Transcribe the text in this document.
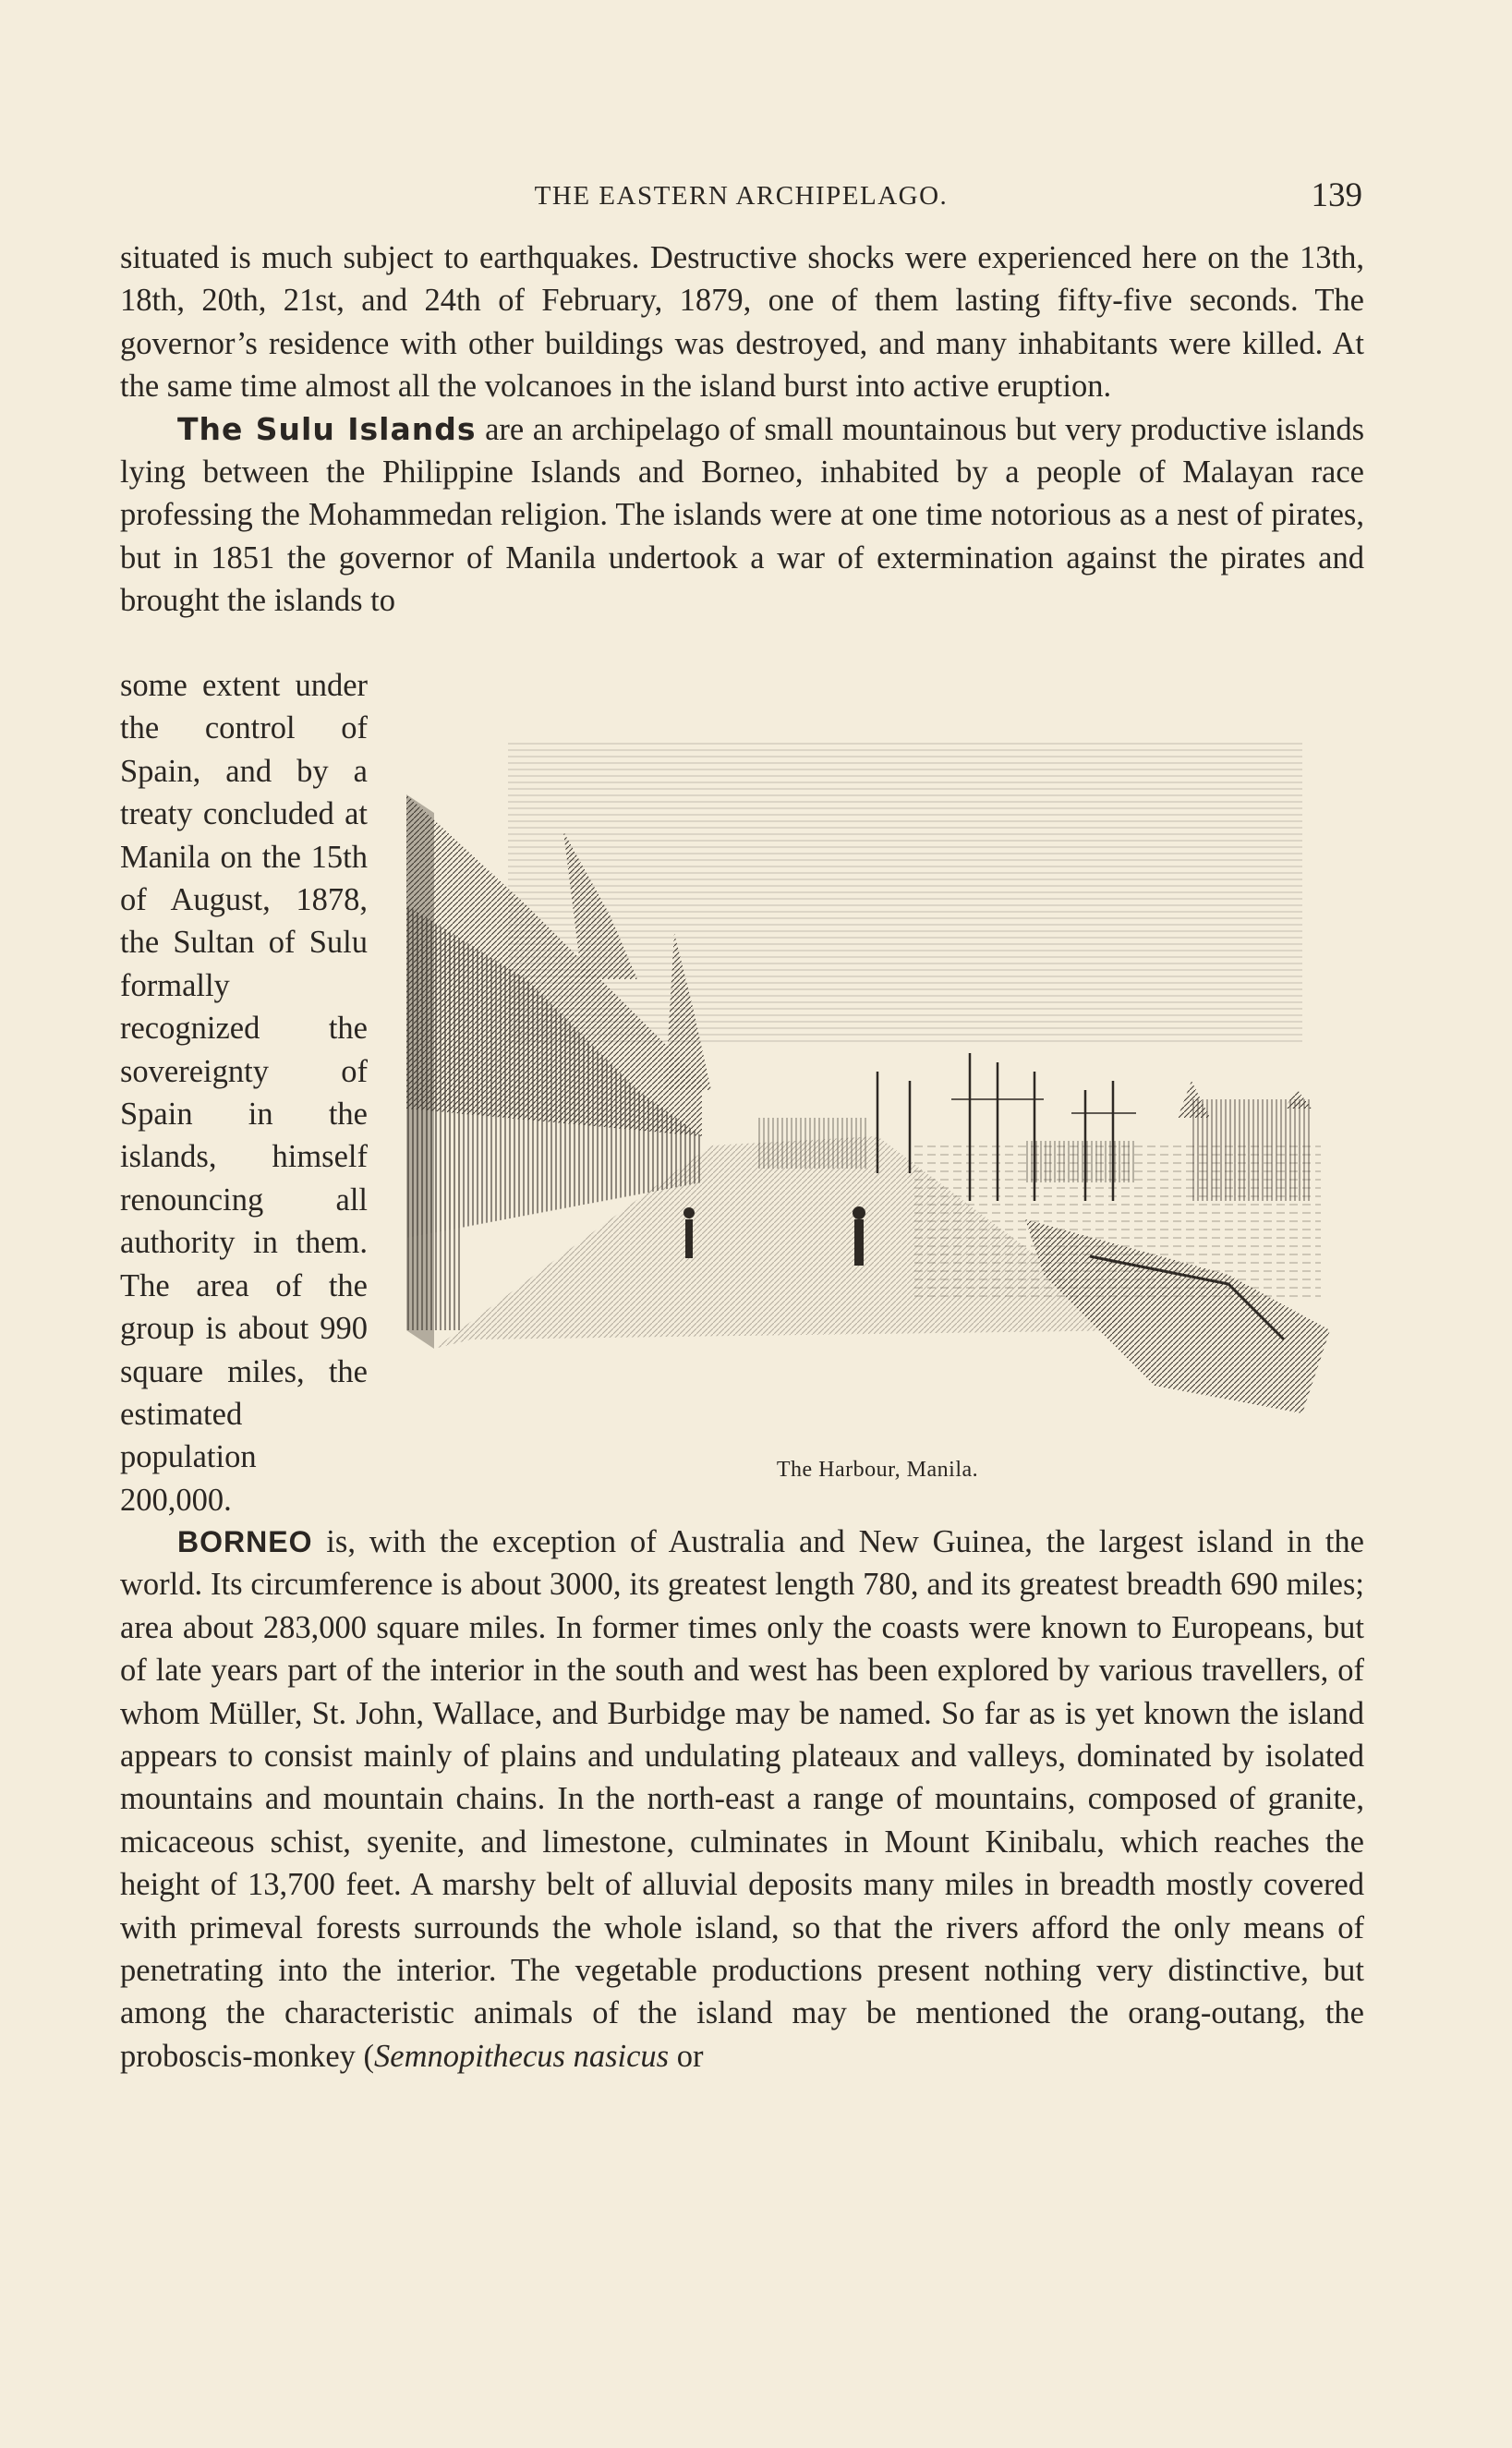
THE EASTERN ARCHIPELAGO.	139

situated is much subject to earthquakes. Destructive shocks were experienced here on the 13th, 18th, 20th, 21st, and 24th of February, 1879, one of them lasting fifty-five seconds. The governor’s residence with other buildings was destroyed, and many inhabitants were killed. At the same time almost all the volcanoes in the island burst into active eruption.

The Sulu Islands are an archipelago of small mountainous but very productive islands lying between the Philippine Islands and Borneo, inhabited by a people of Malayan race professing the Mohammedan religion. The islands were at one time notorious as a nest of pirates, but in 1851 the governor of Manila undertook a war of extermination against the pirates and brought the islands to

some extent under the control of Spain, and by a treaty concluded at Manila on the 15th of August, 1878, the Sultan of Sulu formally recognized the sovereignty of Spain in the islands, himself renouncing all authority in them. The area of the group is about 990 square miles, the estimated population 200,000.

The Harbour, Manila.

BORNEO is, with the exception of Australia and New Guinea, the largest island in the world. Its circumference is about 3000, its greatest length 780, and its greatest breadth 690 miles; area about 283,000 square miles. In former times only the coasts were known to Europeans, but of late years part of the interior in the south and west has been explored by various travellers, of whom Müller, St. John, Wallace, and Burbidge may be named. So far as is yet known the island appears to consist mainly of plains and undulating plateaux and valleys, dominated by isolated mountains and mountain chains. In the north-east a range of mountains, composed of granite, micaceous schist, syenite, and limestone, culminates in Mount Kinibalu, which reaches the height of 13,700 feet. A marshy belt of alluvial deposits many miles in breadth mostly covered with primeval forests surrounds the whole island, so that the rivers afford the only means of penetrating into the interior. The vegetable productions present nothing very distinctive, but among the characteristic animals of the island may be mentioned the orang-outang, the proboscis-monkey (Semnopithecus nasicus or
